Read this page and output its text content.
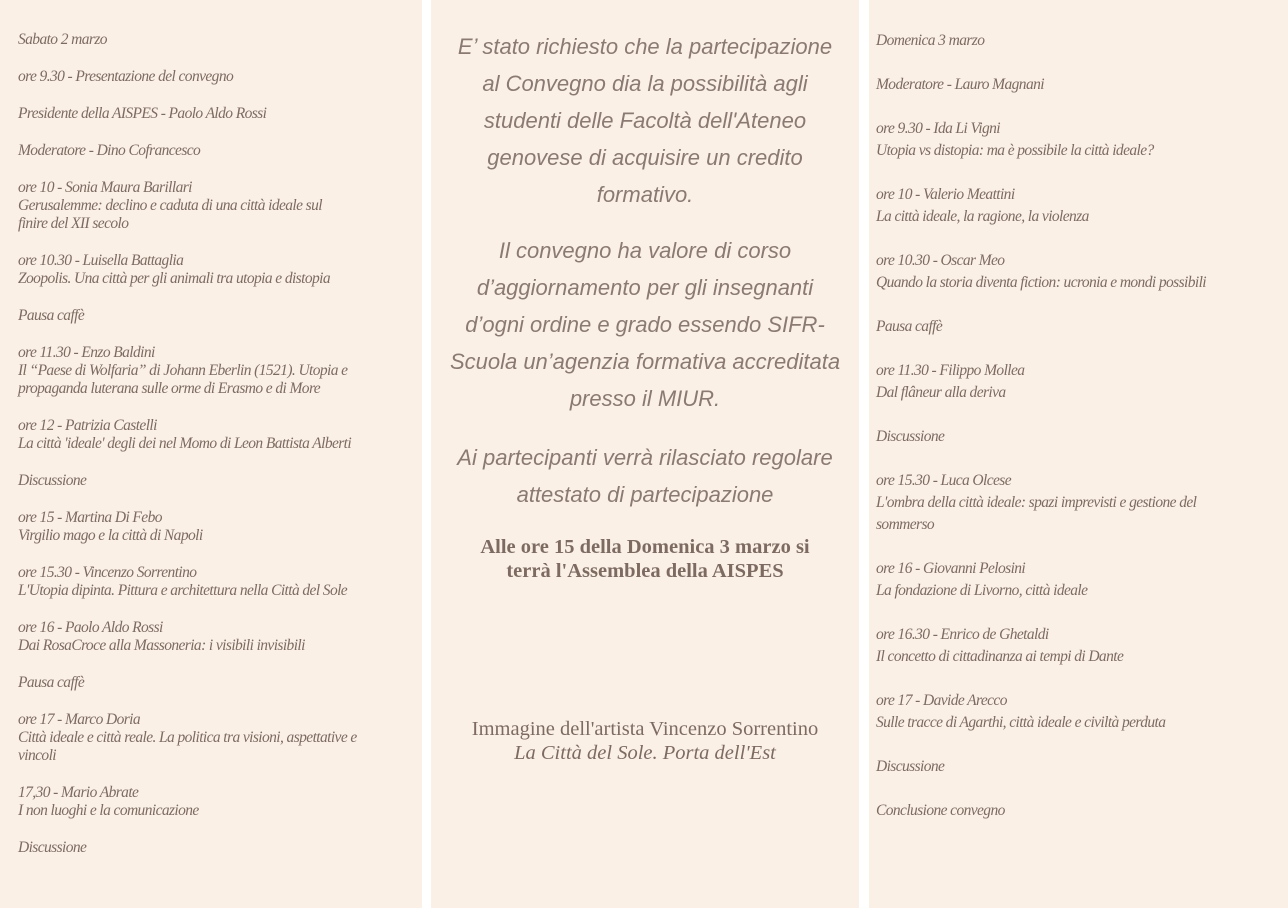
Sabato 2 marzo
ore 9.30 - Presentazione del convegno
Presidente della AISPES - Paolo Aldo Rossi
Moderatore - Dino Cofrancesco
ore 10 - Sonia Maura Barillari
Gerusalemme: declino e caduta di una città ideale sul
finire del XII secolo
ore 10.30 - Luisella Battaglia
Zoopolis. Una città per gli animali tra utopia e distopia
Pausa caffè
ore 11.30 - Enzo Baldini
Il “Paese di Wolfaria” di Johann Eberlin (1521). Utopia e
propaganda luterana sulle orme di Erasmo e di More
ore 12 - Patrizia Castelli
La città 'ideale' degli dei nel Momo di Leon Battista Alberti
Discussione
ore 15 - Martina Di Febo
Virgilio mago e la città di Napoli
ore 15.30 - Vincenzo Sorrentino
L'Utopia dipinta. Pittura e architettura nella Città del Sole
ore 16 - Paolo Aldo Rossi
Dai RosaCroce alla Massoneria: i visibili invisibili
Pausa caffè
ore 17 - Marco Doria
Città ideale e città reale. La politica tra visioni, aspettative e
vincoli
17,30 - Mario Abrate
I non luoghi e la comunicazione
Discussione
E’ stato richiesto che la partecipazione
al Convegno dia la possibilità agli
studenti delle Facoltà dell'Ateneo
genovese di acquisire un credito
formativo.
Il convegno ha valore di corso
d’aggiornamento per gli insegnanti
d’ogni ordine e grado essendo SIFR-
Scuola un’agenzia formativa accreditata
presso il MIUR.
Ai partecipanti verrà rilasciato regolare
attestato di partecipazione
Alle ore 15 della Domenica 3 marzo si
terrà l'Assemblea della AISPES
Immagine dell'artista Vincenzo Sorrentino
La Città del Sole. Porta dell'Est
Domenica 3 marzo
Moderatore - Lauro Magnani
ore 9.30 - Ida Li Vigni
Utopia vs distopia: ma è possibile la città ideale?
ore 10 - Valerio Meattini
La città ideale, la ragione, la violenza
ore 10.30 - Oscar Meo
Quando la storia diventa fiction: ucronia e mondi possibili
Pausa caffè
ore 11.30 - Filippo Mollea
Dal flâneur alla deriva
Discussione
ore 15.30 - Luca Olcese
L'ombra della città ideale: spazi imprevisti e gestione del
sommerso
ore 16 - Giovanni Pelosini
La fondazione di Livorno, città ideale
ore 16.30 - Enrico de Ghetaldi
Il concetto di cittadinanza ai tempi di Dante
ore 17 - Davide Arecco
Sulle tracce di Agarthi, città ideale e civiltà perduta
Discussione
Conclusione convegno
